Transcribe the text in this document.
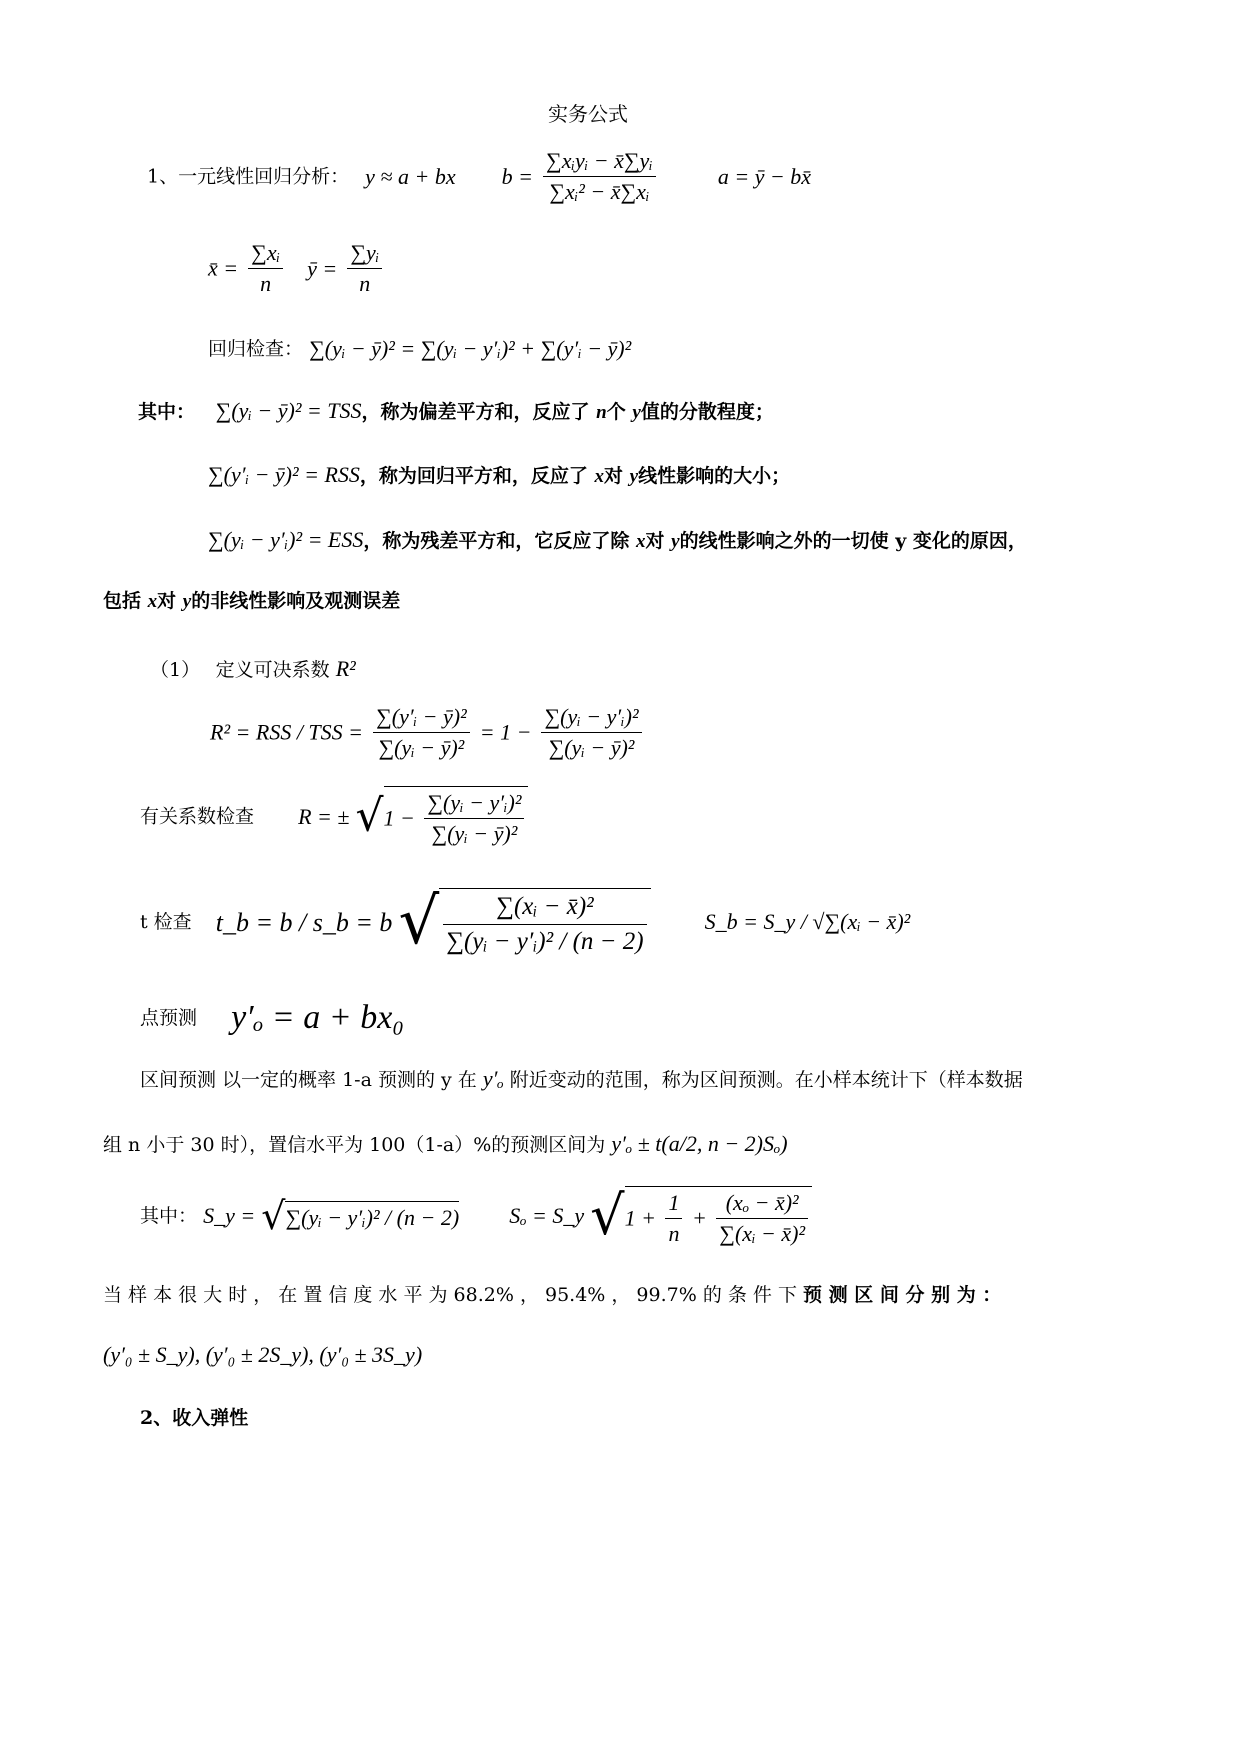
实务公式
1、一元线性回归分析： y ≈ a + bx $b = \frac{\text{∑xᵢyᵢ − x̄∑yᵢ}}{\text{∑xᵢ² − x̄∑xᵢ}}$	a = ȳ − bx̄
x̄ = $\frac{\text{∑xᵢ}}{n}$ ȳ = $\frac{\text{∑yᵢ}}{n}$
回归检查： ∑(yᵢ − ȳ)² = ∑(yᵢ − y′ᵢ)² + ∑(y′ᵢ − ȳ)²
其中： ∑(yᵢ − ȳ)² = TSS，称为偏差平方和，反应了 n个 y值的分散程度；
∑(y′ᵢ − ȳ)² = RSS，称为回归平方和，反应了 x对 y线性影响的大小；
∑(yᵢ − y′ᵢ)² = ESS，称为残差平方和，它反应了除 x对 y的线性影响之外的一切使 y 变化的原因，
包括 x对 y的非线性影响及观测误差
（1）　 定义可决系数 R²
R² = RSS / TSS = $\frac{\text{∑(y′ᵢ − ȳ)²}}{\text{∑(yᵢ − ȳ)²}} = 1 - \frac{\text{∑(yᵢ − y′ᵢ)²}}{\text{∑(yᵢ − ȳ)²}}$
有关系数检查 R = ± $√1 - \frac{\text{∑(yᵢ − y′ᵢ)²}}{\text{∑(yᵢ − ȳ)²}}$
t 检查 t_b = b / s_b = b √ $\frac{\text{∑(xᵢ − x̄)²}}{\text{∑(yᵢ − y′ᵢ)² / (n − 2)}}$	S_b = S_y / √∑(xᵢ − x̄)²
点预测 y′ₒ = a + bx₀
区间预测 以一定的概率 1-a 预测的 y 在 y′ₒ 附近变动的范围，称为区间预测。在小样本统计下（样本数据
组 n 小于 30 时），置信水平为 100（1-a）%的预测区间为 y′ₒ ± t(a/2, n − 2)Sₒ)
其中： S_y = √∑(yᵢ − y′ᵢ)² / (n − 2) Sₒ = S_y $√1 + \frac{1}{n} + \frac{\text{(xₒ − x̄)²}}{\text{∑(xᵢ − x̄)²}}$
当 样 本 很 大 时 ， 在 置 信 度 水 平 为 68.2% ， 95.4% ， 99.7% 的 条 件 下 预 测 区 间 分 别 为 ：
(y′₀ ± S_y), (y′₀ ± 2S_y), (y′₀ ± 3S_y)
2、收入弹性
